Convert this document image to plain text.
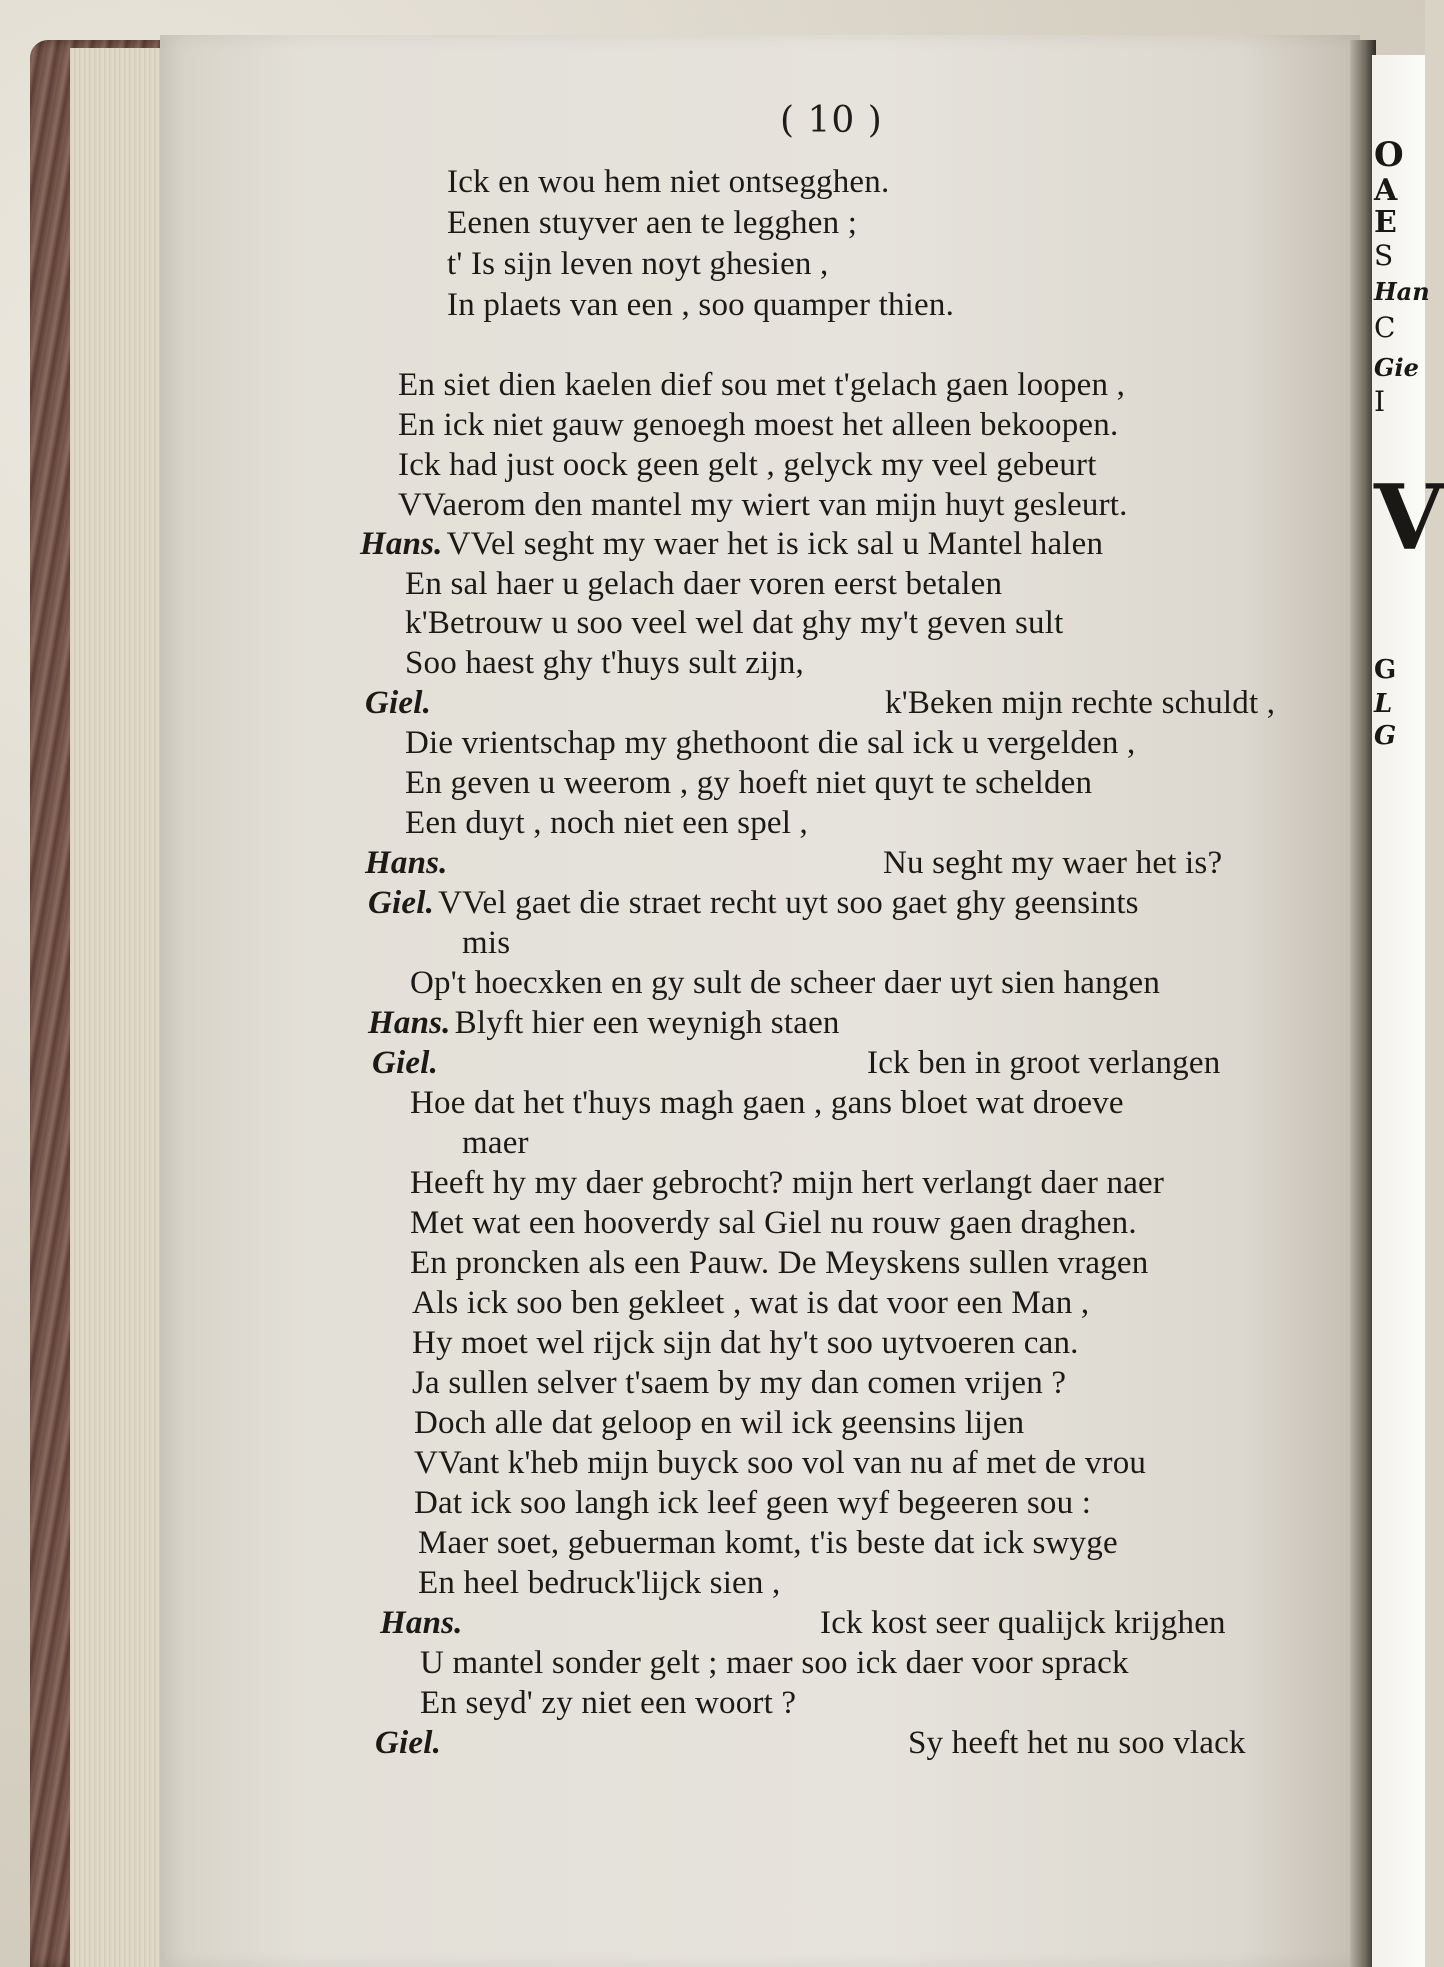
O
A
E
S
Han
C
Gie
I
V
G
L
G
( 10 )
Ick en wou hem niet ontsegghen.
Eenen stuyver aen te legghen ;
t' Is sijn leven noyt ghesien ,
In plaets van een , soo quamper thien.
En siet dien kaelen dief sou met t'gelach gaen loopen ,
En ick niet gauw genoegh moest het alleen bekoopen.
Ick had just oock geen gelt , gelyck my veel gebeurt
VVaerom den mantel my wiert van mijn huyt gesleurt.
Hans. VVel seght my waer het is ick sal u Mantel halen
En sal haer u gelach daer voren eerst betalen
k'Betrouw u soo veel wel dat ghy my't geven sult
Soo haest ghy t'huys sult zijn,
Giel.	k'Beken mijn rechte schuldt ,
Die vrientschap my ghethoont die sal ick u vergelden ,
En geven u weerom , gy hoeft niet quyt te schelden
Een duyt , noch niet een spel ,
Hans.	Nu seght my waer het is?
Giel. VVel gaet die straet recht uyt soo gaet ghy geensints
mis
Op't hoecxken en gy sult de scheer daer uyt sien hangen
Hans. Blyft hier een weynigh staen
Giel.	Ick ben in groot verlangen
Hoe dat het t'huys magh gaen , gans bloet wat droeve
maer
Heeft hy my daer gebrocht? mijn hert verlangt daer naer
Met wat een hooverdy sal Giel nu rouw gaen draghen.
En proncken als een Pauw. De Meyskens sullen vragen
Als ick soo ben gekleet , wat is dat voor een Man ,
Hy moet wel rijck sijn dat hy't soo uytvoeren can.
Ja sullen selver t'saem by my dan comen vrijen ?
Doch alle dat geloop en wil ick geensins lijen
VVant k'heb mijn buyck soo vol van nu af met de vrou
Dat ick soo langh ick leef geen wyf begeeren sou :
Maer soet, gebuerman komt, t'is beste dat ick swyge
En heel bedruck'lijck sien ,
Hans.	Ick kost seer qualijck krijghen
U mantel sonder gelt ; maer soo ick daer voor sprack
En seyd' zy niet een woort ?
Giel.	Sy heeft het nu soo vlack
